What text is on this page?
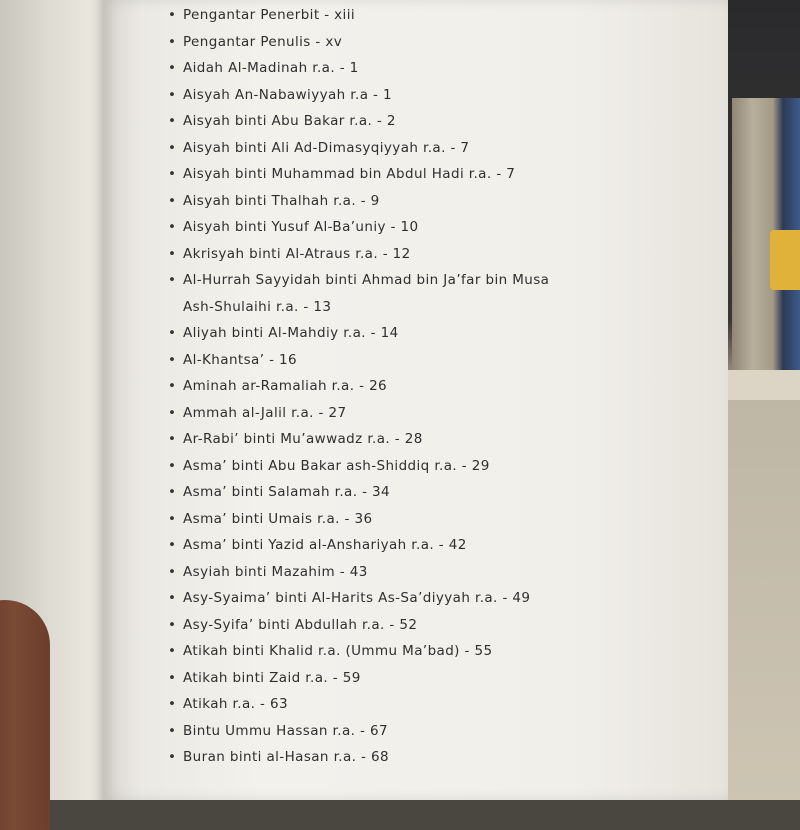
• Pengantar Penerbit - xiii
• Pengantar Penulis - xv
• Aidah Al-Madinah r.a. - 1
• Aisyah An-Nabawiyyah r.a - 1
• Aisyah binti Abu Bakar r.a. - 2
• Aisyah binti Ali Ad-Dimasyqiyyah r.a. - 7
• Aisyah binti Muhammad bin Abdul Hadi r.a. - 7
• Aisyah binti Thalhah r.a. - 9
• Aisyah binti Yusuf Al-Ba’uniy - 10
• Akrisyah binti Al-Atraus r.a. - 12
• Al-Hurrah Sayyidah binti Ahmad bin Ja’far bin Musa
Ash-Shulaihi r.a. - 13
• Aliyah binti Al-Mahdiy r.a. - 14
• Al-Khantsa’ - 16
• Aminah ar-Ramaliah r.a. - 26
• Ammah al-Jalil r.a. - 27
• Ar-Rabi’ binti Mu’awwadz r.a. - 28
• Asma’ binti Abu Bakar ash-Shiddiq r.a. - 29
• Asma’ binti Salamah r.a. - 34
• Asma’ binti Umais r.a. - 36
• Asma’ binti Yazid al-Anshariyah r.a. - 42
• Asyiah binti Mazahim - 43
• Asy-Syaima’ binti Al-Harits As-Sa’diyyah r.a. - 49
• Asy-Syifa’ binti Abdullah r.a. - 52
• Atikah binti Khalid r.a. (Ummu Ma’bad) - 55
• Atikah binti Zaid r.a. - 59
• Atikah r.a. - 63
• Bintu Ummu Hassan r.a. - 67
• Buran binti al-Hasan r.a. - 68
